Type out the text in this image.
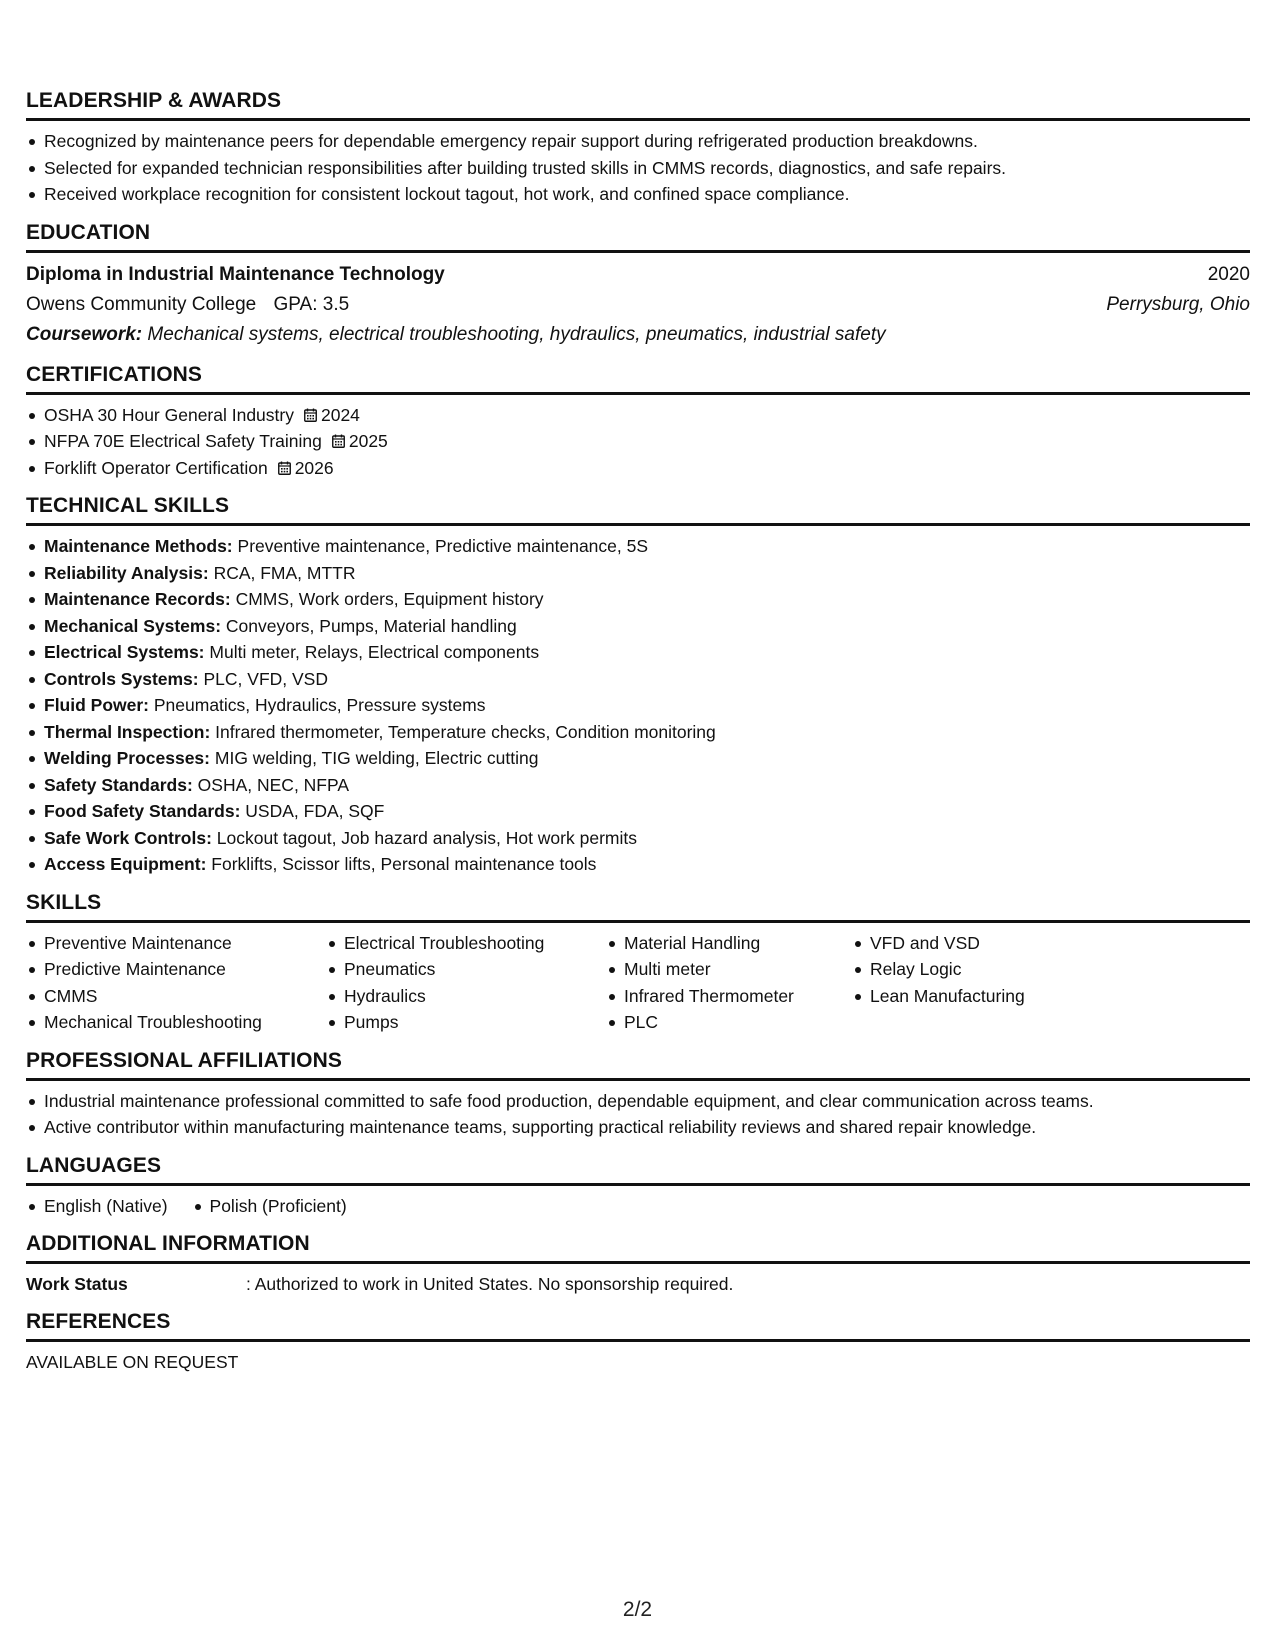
LEADERSHIP & AWARDS
Recognized by maintenance peers for dependable emergency repair support during refrigerated production breakdowns.
Selected for expanded technician responsibilities after building trusted skills in CMMS records, diagnostics, and safe repairs.
Received workplace recognition for consistent lockout tagout, hot work, and confined space compliance.
EDUCATION
Diploma in Industrial Maintenance Technology	2020
Owens Community College GPA: 3.5	Perrysburg, Ohio
Coursework: Mechanical systems, electrical troubleshooting, hydraulics, pneumatics, industrial safety
CERTIFICATIONS
OSHA 30 Hour General Industry 2024
NFPA 70E Electrical Safety Training 2025
Forklift Operator Certification 2026
TECHNICAL SKILLS
Maintenance Methods: Preventive maintenance, Predictive maintenance, 5S
Reliability Analysis: RCA, FMA, MTTR
Maintenance Records: CMMS, Work orders, Equipment history
Mechanical Systems: Conveyors, Pumps, Material handling
Electrical Systems: Multi meter, Relays, Electrical components
Controls Systems: PLC, VFD, VSD
Fluid Power: Pneumatics, Hydraulics, Pressure systems
Thermal Inspection: Infrared thermometer, Temperature checks, Condition monitoring
Welding Processes: MIG welding, TIG welding, Electric cutting
Safety Standards: OSHA, NEC, NFPA
Food Safety Standards: USDA, FDA, SQF
Safe Work Controls: Lockout tagout, Job hazard analysis, Hot work permits
Access Equipment: Forklifts, Scissor lifts, Personal maintenance tools
SKILLS
Preventive Maintenance
Predictive Maintenance
CMMS
Mechanical Troubleshooting
Electrical Troubleshooting
Pneumatics
Hydraulics
Pumps
Material Handling
Multi meter
Infrared Thermometer
PLC
VFD and VSD
Relay Logic
Lean Manufacturing
PROFESSIONAL AFFILIATIONS
Industrial maintenance professional committed to safe food production, dependable equipment, and clear communication across teams.
Active contributor within manufacturing maintenance teams, supporting practical reliability reviews and shared repair knowledge.
LANGUAGES
English (Native) Polish (Proficient)
ADDITIONAL INFORMATION
Work Status	: Authorized to work in United States. No sponsorship required.
REFERENCES
AVAILABLE ON REQUEST
2/2
